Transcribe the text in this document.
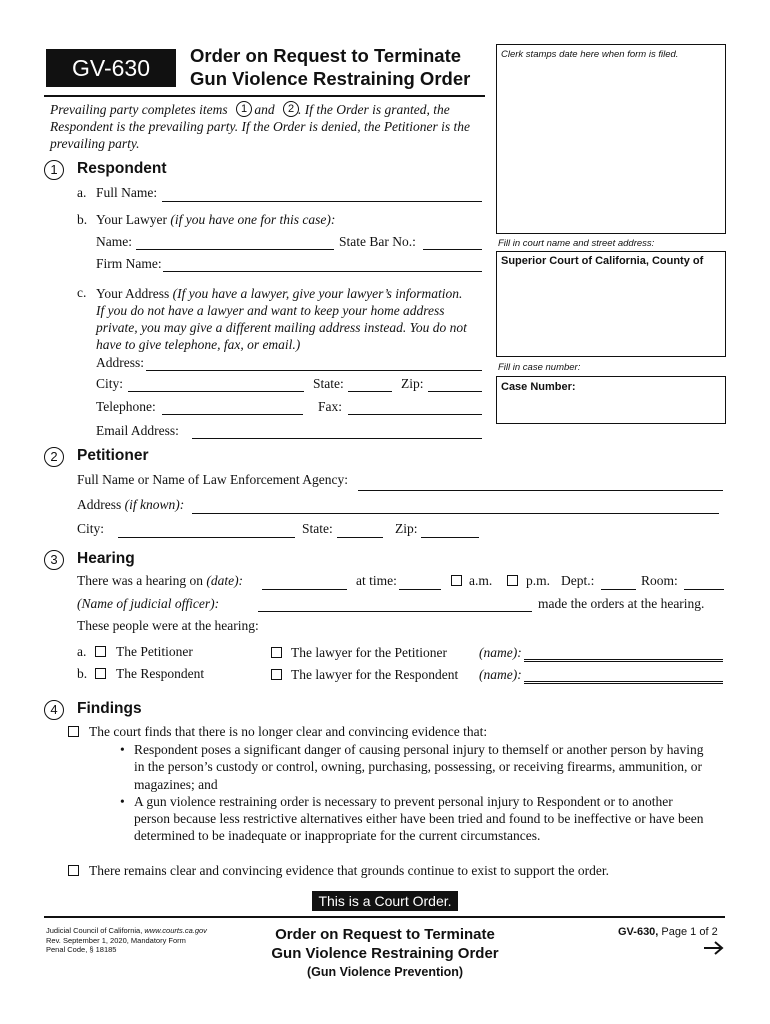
GV-630	Order on Request to Terminate
Gun Violence Restraining Order
Clerk stamps date here when form is filed.
Fill in court name and street address:
Superior Court of California, County of
Fill in case number:
Case Number:
Prevailing party completes items and . If the Order is granted, the
1	2
Respondent is the prevailing party. If the Order is denied, the Petitioner is the
prevailing party.
1	Respondent
a. Full Name:
b. Your Lawyer (if you have one for this case):
Name:	State Bar No.:
Firm Name:
c. Your Address (If you have a lawyer, give your lawyer’s information.
If you do not have a lawyer and want to keep your home address
private, you may give a different mailing address instead. You do not
have to give telephone, fax, or email.)
Address:
City:	State:	Zip:
Telephone:	Fax:
Email Address:
2	Petitioner
Full Name or Name of Law Enforcement Agency:
Address (if known):
City:	State:	Zip:
3	Hearing
There was a hearing on (date):	at time:	a.m.	p.m. Dept.:	Room:
(Name of judicial officer):	made the orders at the hearing.
These people were at the hearing:
a. The Petitioner	The lawyer for the Petitioner (name):
b. The Respondent	The lawyer for the Respondent (name):
4	Findings
The court finds that there is no longer clear and convincing evidence that:
• Respondent poses a significant danger of causing personal injury to themself or another person by having
in the person’s custody or control, owning, purchasing, possessing, or receiving firearms, ammunition, or
magazines; and
• A gun violence restraining order is necessary to prevent personal injury to Respondent or to another
person because less restrictive alternatives either have been tried and found to be ineffective or have been
determined to be inadequate or inappropriate for the current circumstances.
There remains clear and convincing evidence that grounds continue to exist to support the order.
This is a Court Order.
Judicial Council of California, www.courts.ca.gov
Rev. September 1, 2020, Mandatory Form
Penal Code, § 18185
Order on Request to Terminate
Gun Violence Restraining Order
(Gun Violence Prevention)
GV-630, Page 1 of 2
